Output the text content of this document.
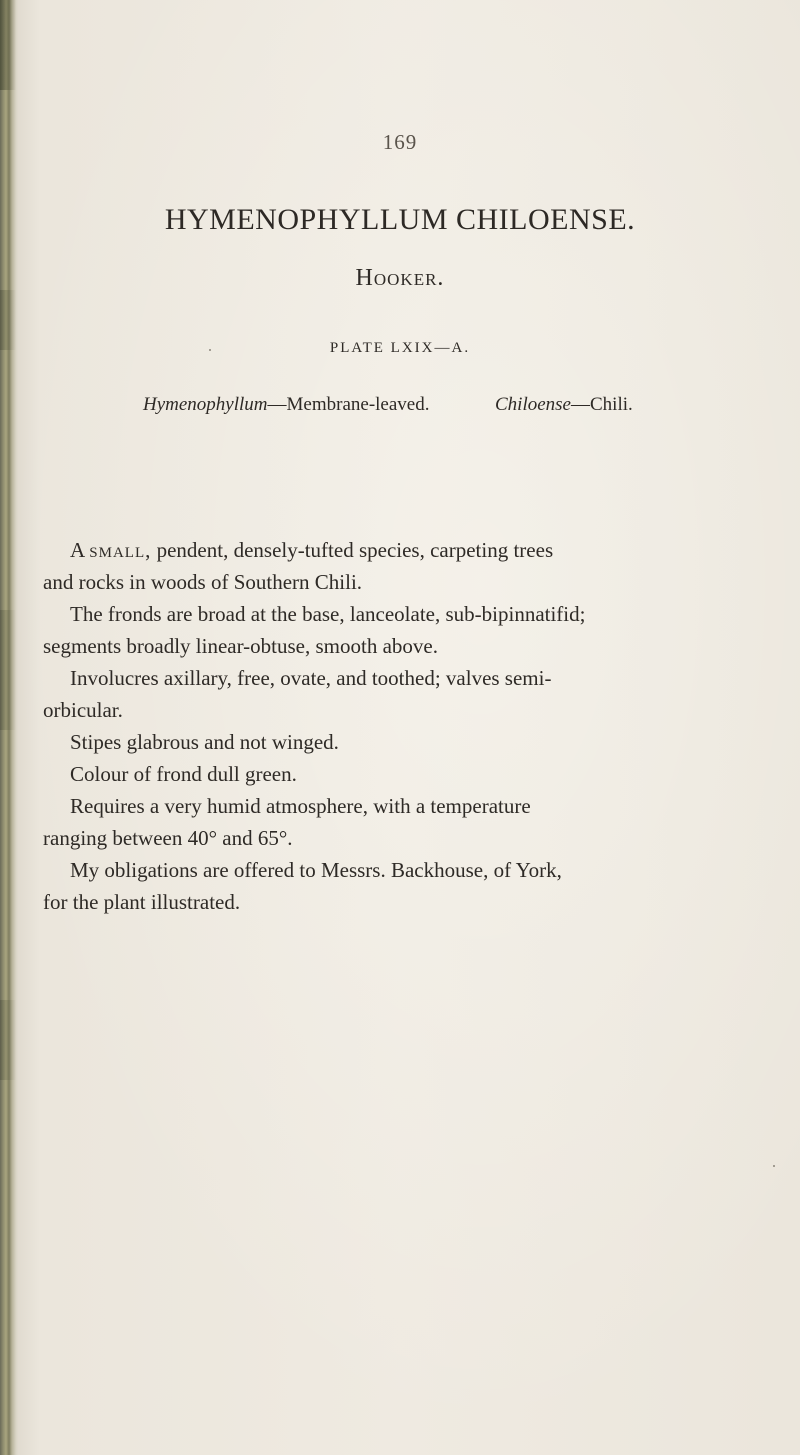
169
HYMENOPHYLLUM CHILOENSE.
Hooker.
PLATE LXIX—A.
Hymenophyllum—Membrane-leaved.	Chiloense—Chili.
A small, pendent, densely-tufted species, carpeting trees
and rocks in woods of Southern Chili.
The fronds are broad at the base, lanceolate, sub-bipinnatifid;
segments broadly linear-obtuse, smooth above.
Involucres axillary, free, ovate, and toothed; valves semi-
orbicular.
Stipes glabrous and not winged.
Colour of frond dull green.
Requires a very humid atmosphere, with a temperature
ranging between 40° and 65°.
My obligations are offered to Messrs. Backhouse, of York,
for the plant illustrated.
